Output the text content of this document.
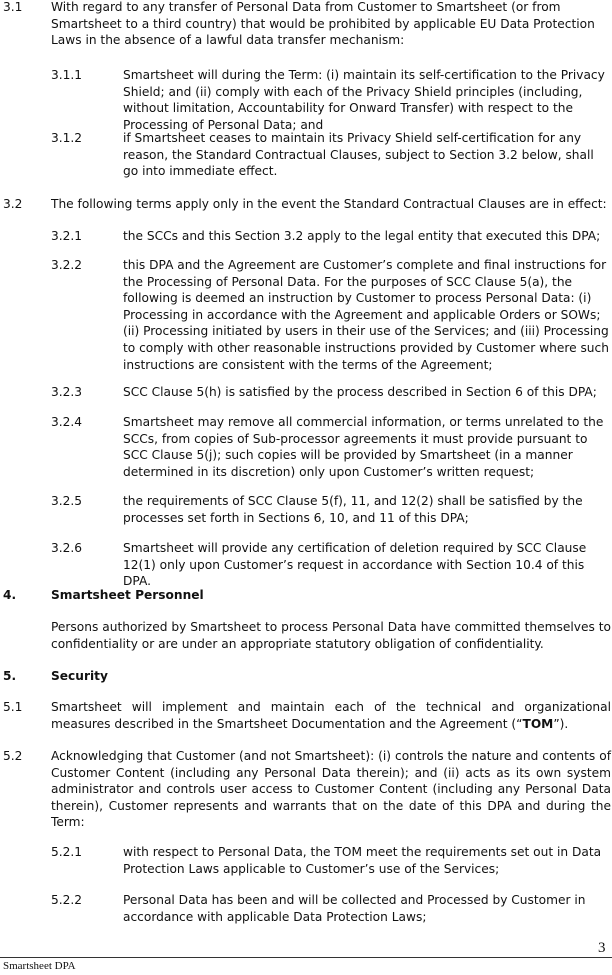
3.1 With regard to any transfer of Personal Data from Customer to Smartsheet (or from Smartsheet to a third country) that would be prohibited by applicable EU Data Protection Laws in the absence of a lawful data transfer mechanism:
3.1.1	Smartsheet will during the Term: (i) maintain its self-certification to the Privacy Shield; and (ii) comply with each of the Privacy Shield principles (including, without limitation, Accountability for Onward Transfer) with respect to the Processing of Personal Data; and
3.1.2	if Smartsheet ceases to maintain its Privacy Shield self-certification for any reason, the Standard Contractual Clauses, subject to Section 3.2 below, shall go into immediate effect.
3.2 The following terms apply only in the event the Standard Contractual Clauses are in effect:
3.2.1	the SCCs and this Section 3.2 apply to the legal entity that executed this DPA;
3.2.2	this DPA and the Agreement are Customer’s complete and final instructions for the Processing of Personal Data. For the purposes of SCC Clause 5(a), the following is deemed an instruction by Customer to process Personal Data: (i) Processing in accordance with the Agreement and applicable Orders or SOWs; (ii) Processing initiated by users in their use of the Services; and (iii) Processing to comply with other reasonable instructions provided by Customer where such instructions are consistent with the terms of the Agreement;
3.2.3	SCC Clause 5(h) is satisfied by the process described in Section 6 of this DPA;
3.2.4	Smartsheet may remove all commercial information, or terms unrelated to the SCCs, from copies of Sub-processor agreements it must provide pursuant to SCC Clause 5(j); such copies will be provided by Smartsheet (in a manner determined in its discretion) only upon Customer’s written request;
3.2.5	the requirements of SCC Clause 5(f), 11, and 12(2) shall be satisfied by the processes set forth in Sections 6, 10, and 11 of this DPA;
3.2.6	Smartsheet will provide any certification of deletion required by SCC Clause 12(1) only upon Customer’s request in accordance with Section 10.4 of this DPA.
4.	Smartsheet Personnel
Persons authorized by Smartsheet to process Personal Data have committed themselves to confidentiality or are under an appropriate statutory obligation of confidentiality.
5.	Security
5.1 Smartsheet will implement and maintain each of the technical and organizational measures described in the Smartsheet Documentation and the Agreement (“TOM”).
5.2 Acknowledging that Customer (and not Smartsheet): (i) controls the nature and contents of Customer Content (including any Personal Data therein); and (ii) acts as its own system administrator and controls user access to Customer Content (including any Personal Data therein), Customer represents and warrants that on the date of this DPA and during the Term:
5.2.1	with respect to Personal Data, the TOM meet the requirements set out in Data Protection Laws applicable to Customer’s use of the Services;
5.2.2	Personal Data has been and will be collected and Processed by Customer in accordance with applicable Data Protection Laws;
3
Smartsheet DPA
